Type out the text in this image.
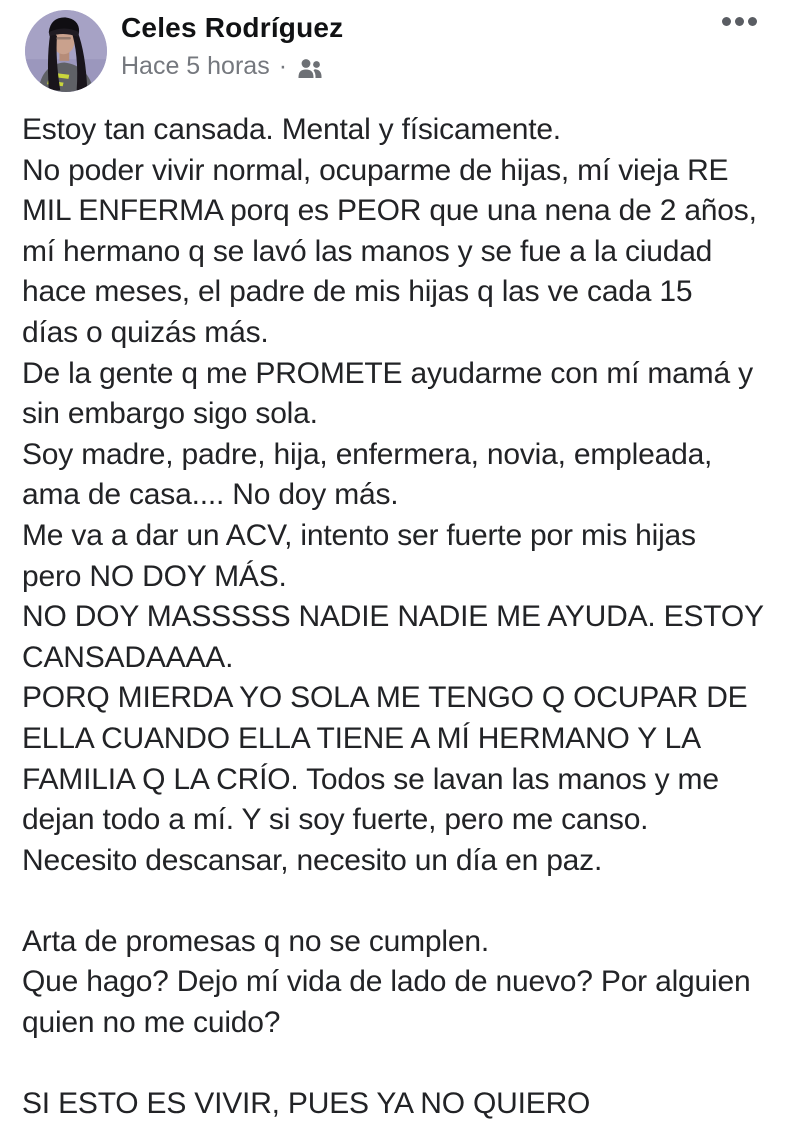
Celes Rodríguez
Hace 5 horas ·
Estoy tan cansada. Mental y físicamente.
No poder vivir normal, ocuparme de hijas, mí vieja RE
MIL ENFERMA porq es PEOR que una nena de 2 años,
mí hermano q se lavó las manos y se fue a la ciudad
hace meses, el padre de mis hijas q las ve cada 15
días o quizás más.
De la gente q me PROMETE ayudarme con mí mamá y
sin embargo sigo sola.
Soy madre, padre, hija, enfermera, novia, empleada,
ama de casa.... No doy más.
Me va a dar un ACV, intento ser fuerte por mis hijas
pero NO DOY MÁS.
NO DOY MASSSSS NADIE NADIE ME AYUDA. ESTOY
CANSADAAAA.
PORQ MIERDA YO SOLA ME TENGO Q OCUPAR DE
ELLA CUANDO ELLA TIENE A MÍ HERMANO Y LA
FAMILIA Q LA CRÍO. Todos se lavan las manos y me
dejan todo a mí. Y si soy fuerte, pero me canso.
Necesito descansar, necesito un día en paz.

Arta de promesas q no se cumplen.
Que hago? Dejo mí vida de lado de nuevo? Por alguien
quien no me cuido?

SI ESTO ES VIVIR, PUES YA NO QUIERO
